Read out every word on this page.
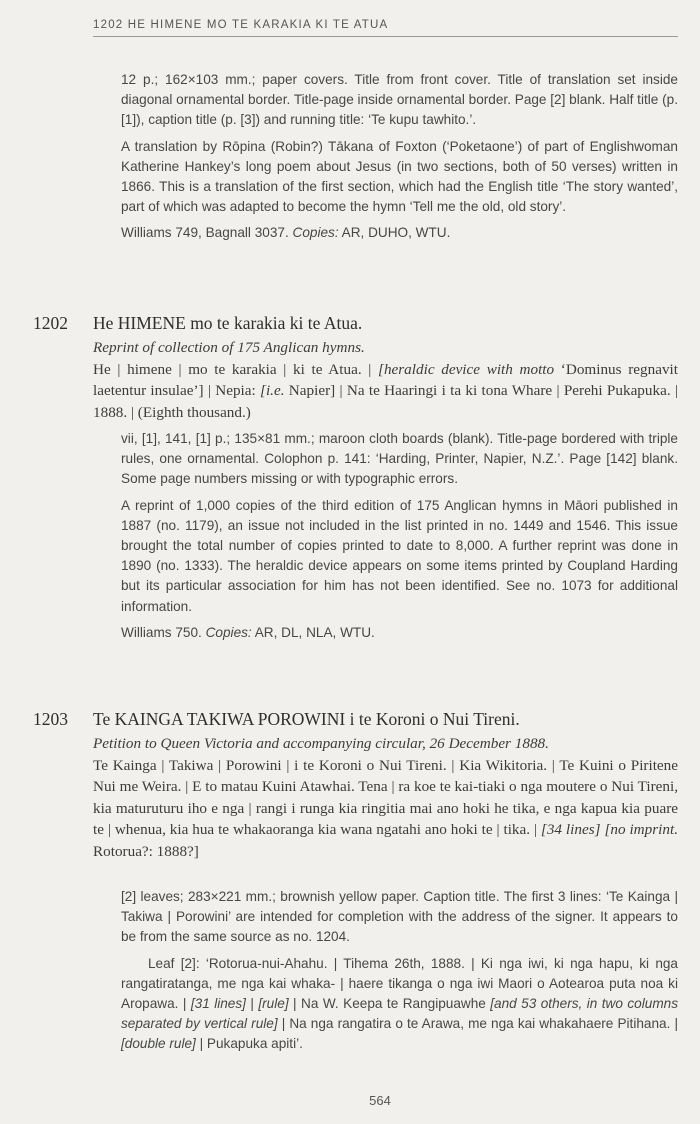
1202 HE HIMENE MO TE KARAKIA KI TE ATUA

12 p.; 162×103 mm.; paper covers. Title from front cover. Title of translation set inside diagonal ornamental border. Title-page inside ornamental border. Page [2] blank. Half title (p. [1]), caption title (p. [3]) and running title: ‘Te kupu tawhito.’.

A translation by Rōpina (Robin?) Tākana of Foxton (‘Poketaone’) of part of Englishwoman Katherine Hankey’s long poem about Jesus (in two sections, both of 50 verses) written in 1866. This is a translation of the first section, which had the English title ‘The story wanted’, part of which was adapted to become the hymn ‘Tell me the old, old story’.

Williams 749, Bagnall 3037. Copies: AR, DUHO, WTU.

1202 He HIMENE mo te karakia ki te Atua.
Reprint of collection of 175 Anglican hymns.
He | himene | mo te karakia | ki te Atua. | [heraldic device with motto ‘Dominus regnavit laetentur insulae’] | Nepia: [i.e. Napier] | Na te Haaringi i ta ki tona Whare | Perehi Pukapuka. | 1888. | (Eighth thousand.)

vii, [1], 141, [1] p.; 135×81 mm.; maroon cloth boards (blank). Title-page bordered with triple rules, one ornamental. Colophon p. 141: ‘Harding, Printer, Napier, N.Z.’. Page [142] blank. Some page numbers missing or with typographic errors.

A reprint of 1,000 copies of the third edition of 175 Anglican hymns in Māori published in 1887 (no. 1179), an issue not included in the list printed in no. 1449 and 1546. This issue brought the total number of copies printed to date to 8,000. A further reprint was done in 1890 (no. 1333). The heraldic device appears on some items printed by Coupland Harding but its particular association for him has not been identified. See no. 1073 for additional information.

Williams 750. Copies: AR, DL, NLA, WTU.

1203 Te KAINGA TAKIWA POROWINI i te Koroni o Nui Tireni.
Petition to Queen Victoria and accompanying circular, 26 December 1888.
Te Kainga | Takiwa | Porowini | i te Koroni o Nui Tireni. | Kia Wikitoria. | Te Kuini o Piritene Nui me Weira. | E to matau Kuini Atawhai. Tena | ra koe te kai-tiaki o nga moutere o Nui Tireni, kia maturuturu iho e nga | rangi i runga kia ringitia mai ano hoki he tika, e nga kapua kia puare te | whenua, kia hua te whakaoranga kia wana ngatahi ano hoki te | tika. | [34 lines] [no imprint. Rotorua?: 1888?]

[2] leaves; 283×221 mm.; brownish yellow paper. Caption title. The first 3 lines: ‘Te Kainga | Takiwa | Porowini’ are intended for completion with the address of the signer. It appears to be from the same source as no. 1204.

Leaf [2]: ‘Rotorua-nui-Ahahu. | Tihema 26th, 1888. | Ki nga iwi, ki nga hapu, ki nga rangatiratanga, me nga kai whaka- | haere tikanga o nga iwi Maori o Aotearoa puta noa ki Aropawa. | [31 lines] | [rule] | Na W. Keepa te Rangipuawhe [and 53 others, in two columns separated by vertical rule] | Na nga rangatira o te Arawa, me nga kai whakahaere Pitihana. | [double rule] | Pukapuka apiti’.

564
